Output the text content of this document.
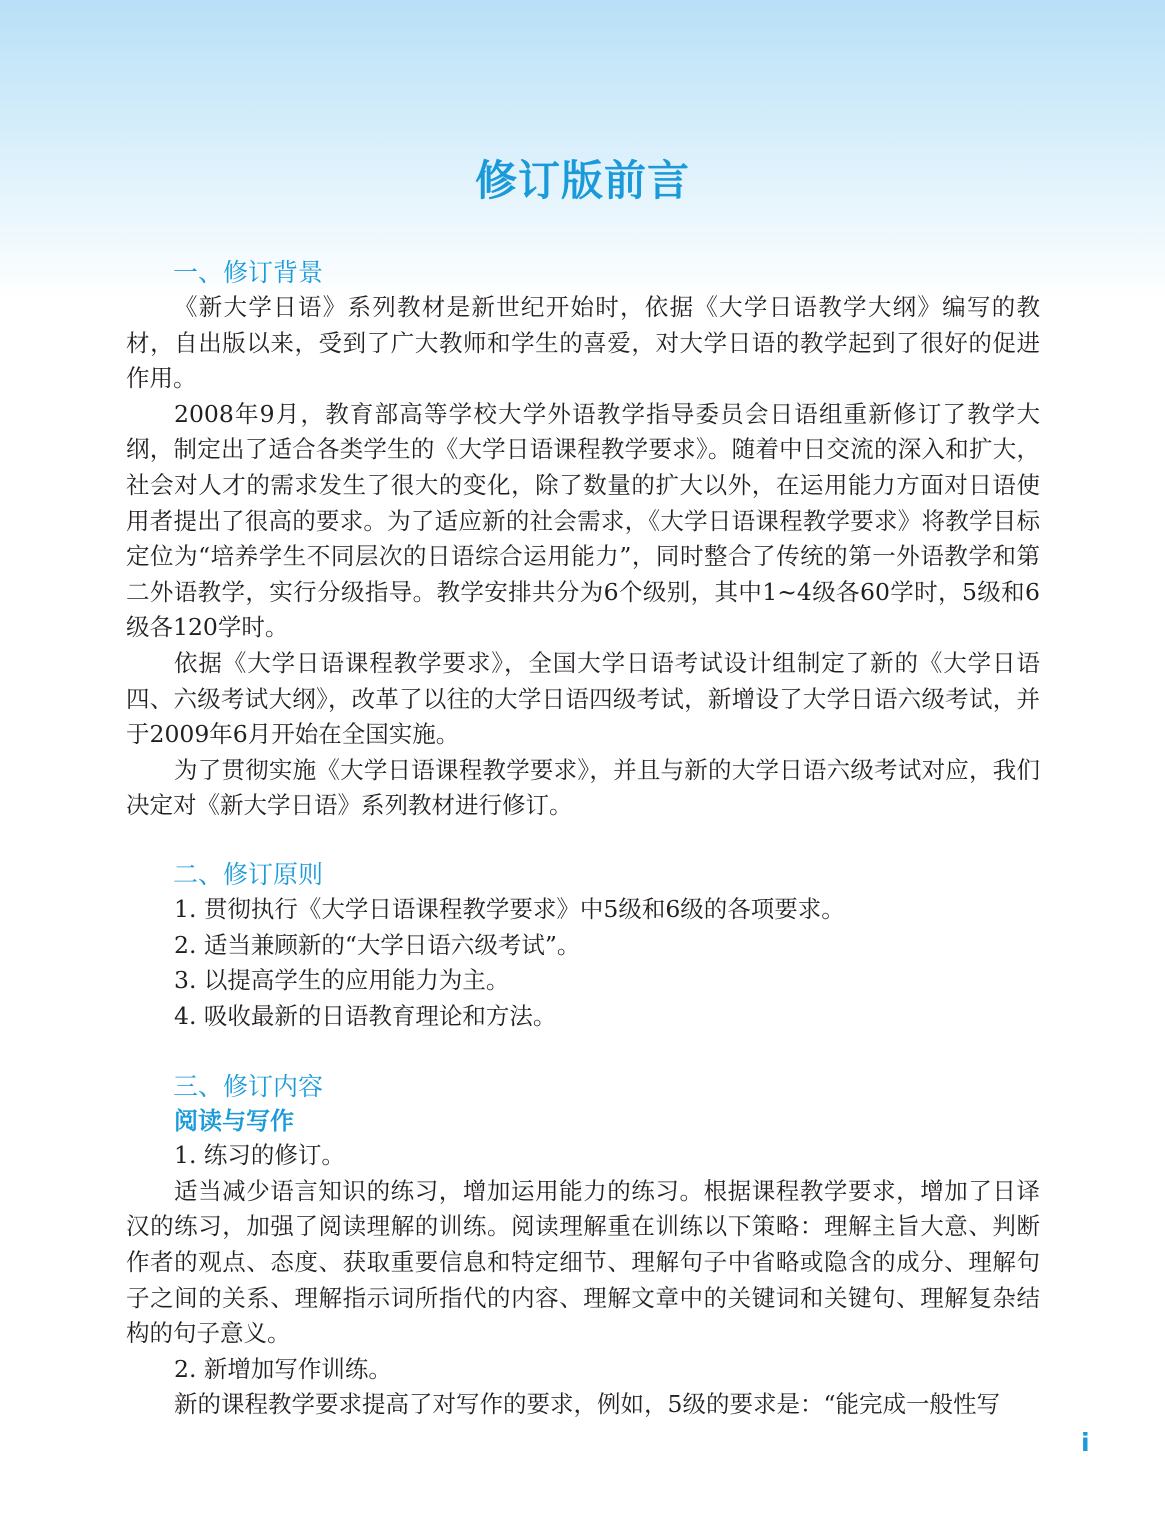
修订版前言
一、修订背景

《新大学日语》系列教材是新世纪开始时，依据《大学日语教学大纲》编写的教材，自出版以来，受到了广大教师和学生的喜爱，对大学日语的教学起到了很好的促进作用。

2008年9月，教育部高等学校大学外语教学指导委员会日语组重新修订了教学大纲，制定出了适合各类学生的《大学日语课程教学要求》。随着中日交流的深入和扩大，社会对人才的需求发生了很大的变化，除了数量的扩大以外，在运用能力方面对日语使用者提出了很高的要求。为了适应新的社会需求，《大学日语课程教学要求》将教学目标定位为“培养学生不同层次的日语综合运用能力”，同时整合了传统的第一外语教学和第二外语教学，实行分级指导。教学安排共分为6个级别，其中1~4级各60学时，5级和6级各120学时。

依据《大学日语课程教学要求》，全国大学日语考试设计组制定了新的《大学日语四、六级考试大纲》，改革了以往的大学日语四级考试，新增设了大学日语六级考试，并于2009年6月开始在全国实施。

为了贯彻实施《大学日语课程教学要求》，并且与新的大学日语六级考试对应，我们决定对《新大学日语》系列教材进行修订。

二、修订原则

1. 贯彻执行《大学日语课程教学要求》中5级和6级的各项要求。

2. 适当兼顾新的“大学日语六级考试”。

3. 以提高学生的应用能力为主。

4. 吸收最新的日语教育理论和方法。

三、修订内容
阅读与写作

1. 练习的修订。

适当减少语言知识的练习，增加运用能力的练习。根据课程教学要求，增加了日译汉的练习，加强了阅读理解的训练。阅读理解重在训练以下策略：理解主旨大意、判断作者的观点、态度、获取重要信息和特定细节、理解句子中省略或隐含的成分、理解句子之间的关系、理解指示词所指代的内容、理解文章中的关键词和关键句、理解复杂结构的句子意义。

2. 新增加写作训练。

新的课程教学要求提高了对写作的要求，例如，5级的要求是：“能完成一般性写

i
